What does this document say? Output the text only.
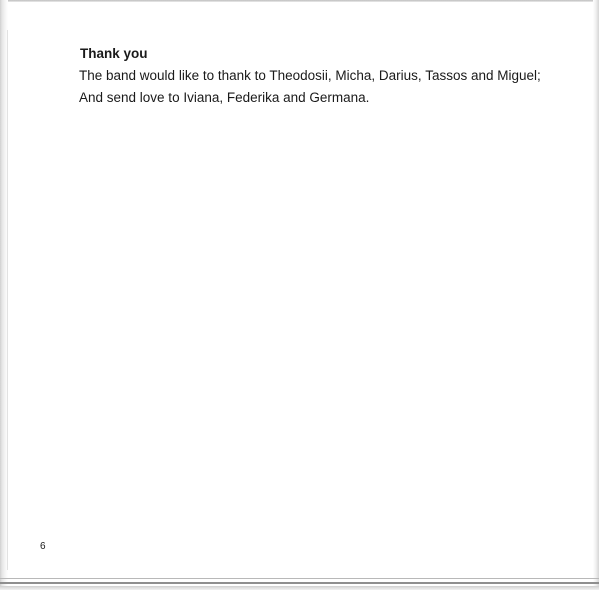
Thank you
The band would like to thank to Theodosii, Micha, Darius, Tassos and Miguel;
And send love to Iviana, Federika and Germana.
6
